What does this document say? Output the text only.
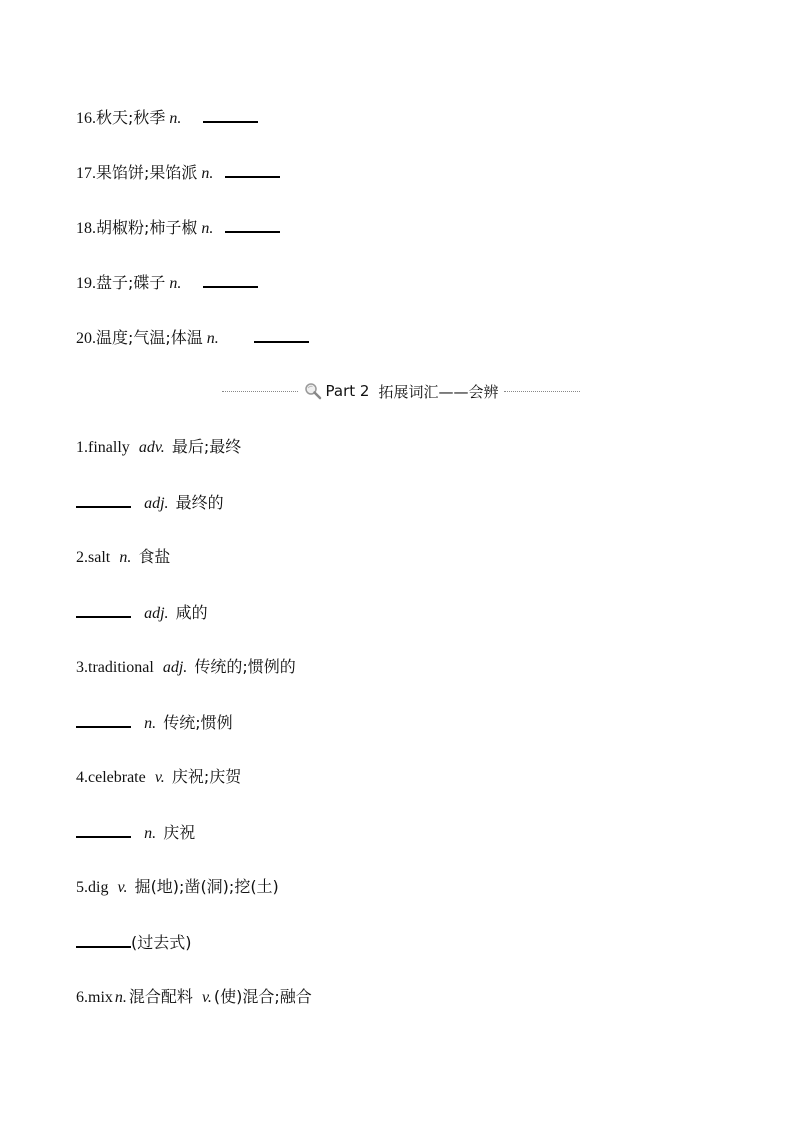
16.秋天;秋季 n.
17.果馅饼;果馅派 n.
18.胡椒粉;柿子椒 n.
19.盘子;碟子 n.
20.温度;气温;体温 n.
Part 2 拓展词汇——会辨
1.finally adv. 最后;最终
adj. 最终的
2.salt n. 食盐
adj. 咸的
3.traditional adj. 传统的;惯例的
n. 传统;惯例
4.celebrate v. 庆祝;庆贺
n. 庆祝
5.dig v. 掘(地);凿(洞);挖(土)
(过去式)
6.mix n. 混合配料 v. (使)混合;融合
